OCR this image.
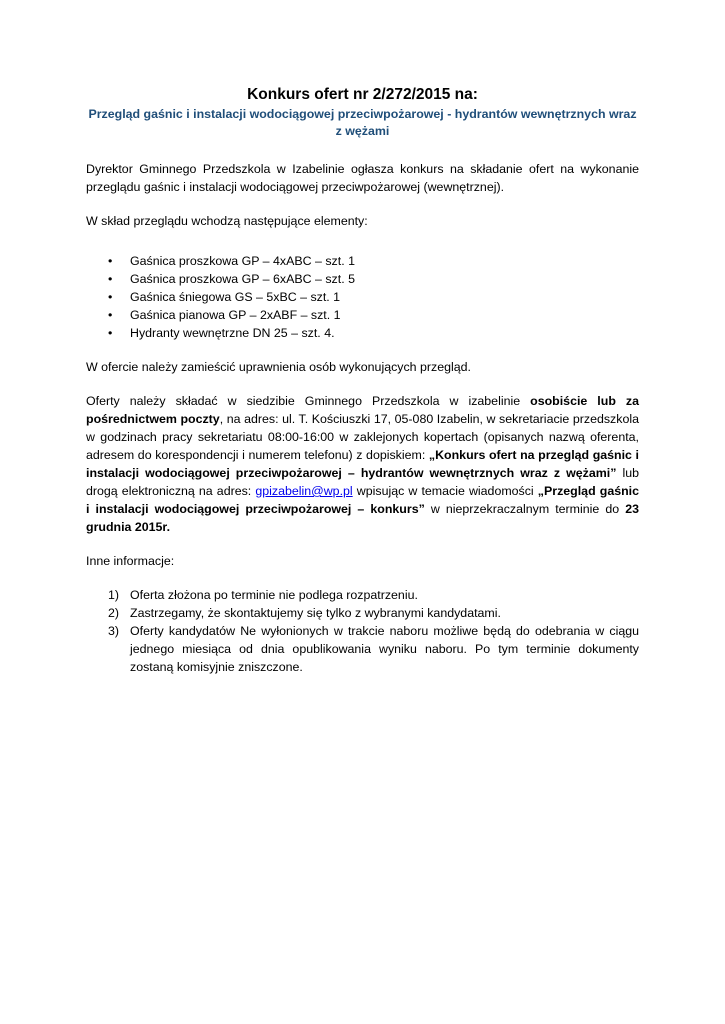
Konkurs ofert nr 2/272/2015 na:
Przegląd gaśnic i instalacji wodociągowej przeciwpożarowej - hydrantów wewnętrznych wraz z wężami

Dyrektor Gminnego Przedszkola w Izabelinie ogłasza konkurs na składanie ofert na wykonanie przeglądu gaśnic i instalacji wodociągowej przeciwpożarowej (wewnętrznej).

W skład przeglądu wchodzą następujące elementy:

• Gaśnica proszkowa GP – 4xABC – szt. 1
• Gaśnica proszkowa GP – 6xABC – szt. 5
• Gaśnica śniegowa GS – 5xBC – szt. 1
• Gaśnica pianowa GP – 2xABF – szt. 1
• Hydranty wewnętrzne DN 25 – szt. 4.

W ofercie należy zamieścić uprawnienia osób wykonujących przegląd.

Oferty należy składać w siedzibie Gminnego Przedszkola w izabelinie osobiście lub za pośrednictwem poczty, na adres: ul. T. Kościuszki 17, 05-080 Izabelin, w sekretariacie przedszkola w godzinach pracy sekretariatu 08:00-16:00 w zaklejonych kopertach (opisanych nazwą oferenta, adresem do korespondencji i numerem telefonu) z dopiskiem: „Konkurs ofert na przegląd gaśnic i instalacji wodociągowej przeciwpożarowej – hydrantów wewnętrznych wraz z wężami” lub drogą elektroniczną na adres: gpizabelin@wp.pl wpisując w temacie wiadomości „Przegląd gaśnic i instalacji wodociągowej przeciwpożarowej – konkurs” w nieprzekraczalnym terminie do 23 grudnia 2015r.

Inne informacje:

1) Oferta złożona po terminie nie podlega rozpatrzeniu.
2) Zastrzegamy, że skontaktujemy się tylko z wybranymi kandydatami.
3) Oferty kandydatów Ne wyłonionych w trakcie naboru możliwe będą do odebrania w ciągu jednego miesiąca od dnia opublikowania wyniku naboru. Po tym terminie dokumenty zostaną komisyjnie zniszczone.
